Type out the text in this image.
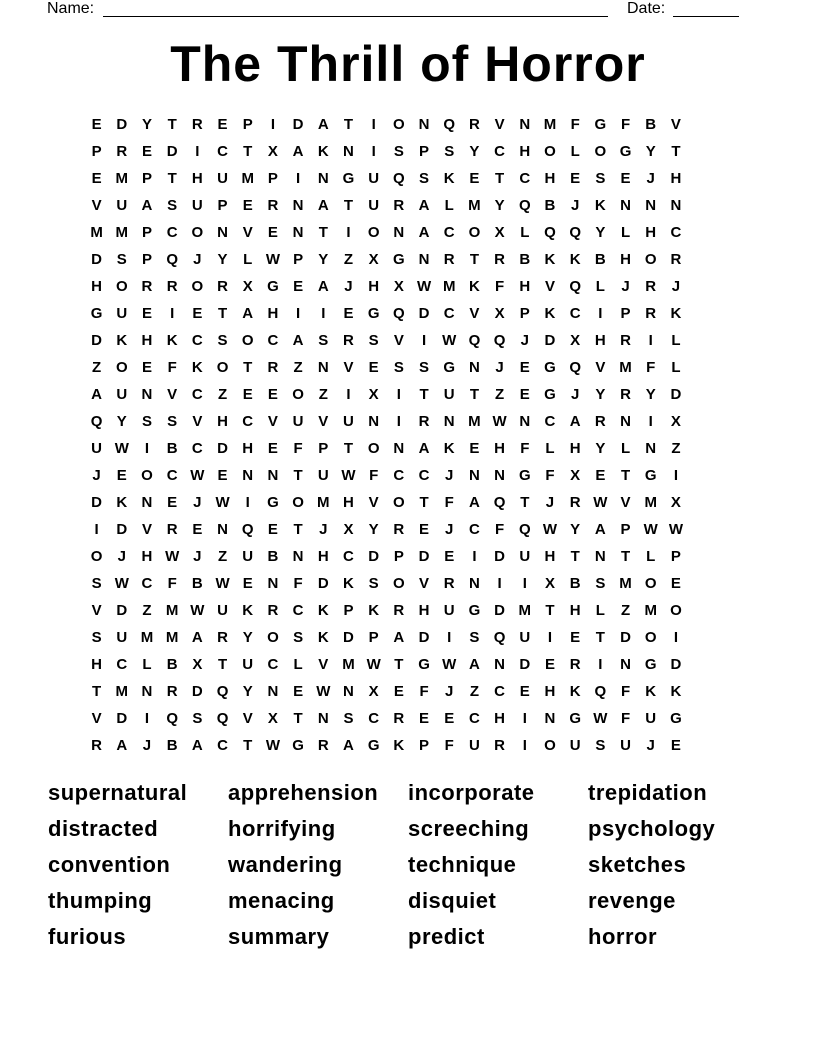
Name:	Date:
The Thrill of Horror
E D Y T R E P I D A T I O N Q R V N M F G F B V
P R E D I C T X A K N I S P S Y C H O L O G Y T
E M P T H U M P I N G U Q S K E T C H E S E J H
V U A S U P E R N A T U R A L M Y Q B J K N N N
M M P C O N V E N T I O N A C O X L Q Q Y L H C
D S P Q J Y L W P Y Z X G N R T R B K K B H O R
H O R R O R X G E A J H X W M K F H V Q L J R J
G U E I E T A H I I E G Q D C V X P K C I P R K
D K H K C S O C A S R S V I W Q Q J D X H R I L
Z O E F K O T R Z N V E S S G N J E G Q V M F L
A U N V C Z E E O Z I X I T U T Z E G J Y R Y D
Q Y S S V H C V U V U N I R N M W N C A R N I X
U W I B C D H E F P T O N A K E H F L H Y L N Z
J E O C W E N N T U W F C C J N N G F X E T G I
D K N E J W I G O M H V O T F A Q T J R W V M X
I D V R E N Q E T J X Y R E J C F Q W Y A P W W
O J H W J Z U B N H C D P D E I D U H T N T L P
S W C F B W E N F D K S O V R N I I X B S M O E
V D Z M W U K R C K P K R H U G D M T H L Z M O
S U M M A R Y O S K D P A D I S Q U I E T D O I
H C L B X T U C L V M W T G W A N D E R I N G D
T M N R D Q Y N E W N X E F J Z C E H K Q F K K
V D I Q S Q V X T N S C R E E C H I N G W F U G
R A J B A C T W G R A G K P F U R I O U S U J E
supernatural
distracted
convention
thumping
furious
apprehension
horrifying
wandering
menacing
summary
incorporate
screeching
technique
disquiet
predict
trepidation
psychology
sketches
revenge
horror
